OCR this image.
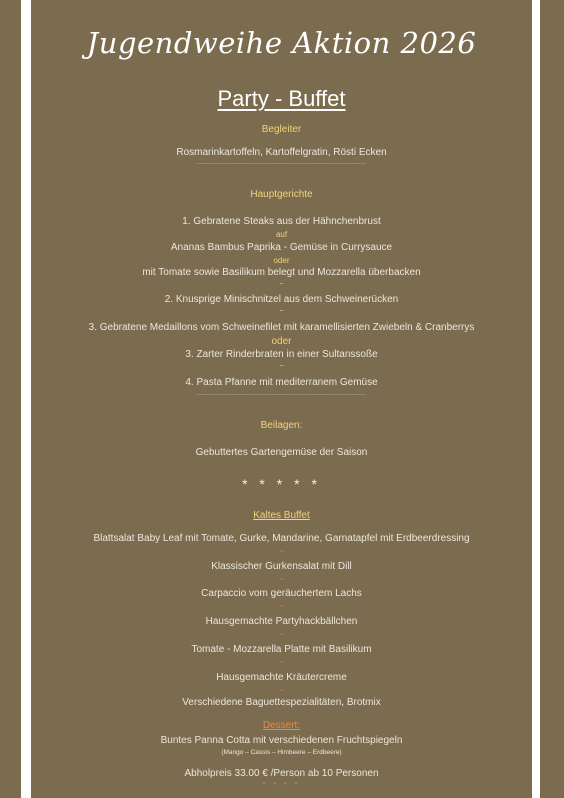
Jugendweihe Aktion 2026
Party - Buffet
Begleiter
Rosmarinkartoffeln, Kartoffelgratin, Rösti Ecken
--------------------------------------------------------------------
Hauptgerichte
1. Gebratene Steaks aus der Hähnchenbrust
auf
Ananas Bambus Paprika - Gemüse in Currysauce
oder
mit Tomate sowie Basilikum belegt und Mozzarella überbacken
~
2. Knusprige Minischnitzel aus dem Schweinerücken
~
3. Gebratene Medaillons vom Schweinefilet mit karamellisierten Zwiebeln & Cranberrys
oder
3. Zarter Rinderbraten in einer Sultanssoße
~
4. Pasta Pfanne mit mediterranem Gemüse
--------------------------------------------------------------------
Beilagen:
Gebuttertes Gartengemüse der Saison
* * * * *
Kaltes Buffet
Blattsalat Baby Leaf mit Tomate, Gurke, Mandarine, Garnatapfel mit Erdbeerdressing
~
Klassischer Gurkensalat mit Dill
~
Carpaccio vom geräuchertem Lachs
~
Hausgemachte Partyhackbällchen
~
Tomate - Mozzarella Platte mit Basilikum
~
Hausgemachte Kräutercreme
~
Verschiedene Baguettespezialitäten, Brotmix
Dessert:
Buntes Panna Cotta mit verschiedenen Fruchtspiegeln
(Mango – Cassis – Himbeere – Erdbeere)
Abholpreis 33.00 € /Person ab 10 Personen
* * * *
